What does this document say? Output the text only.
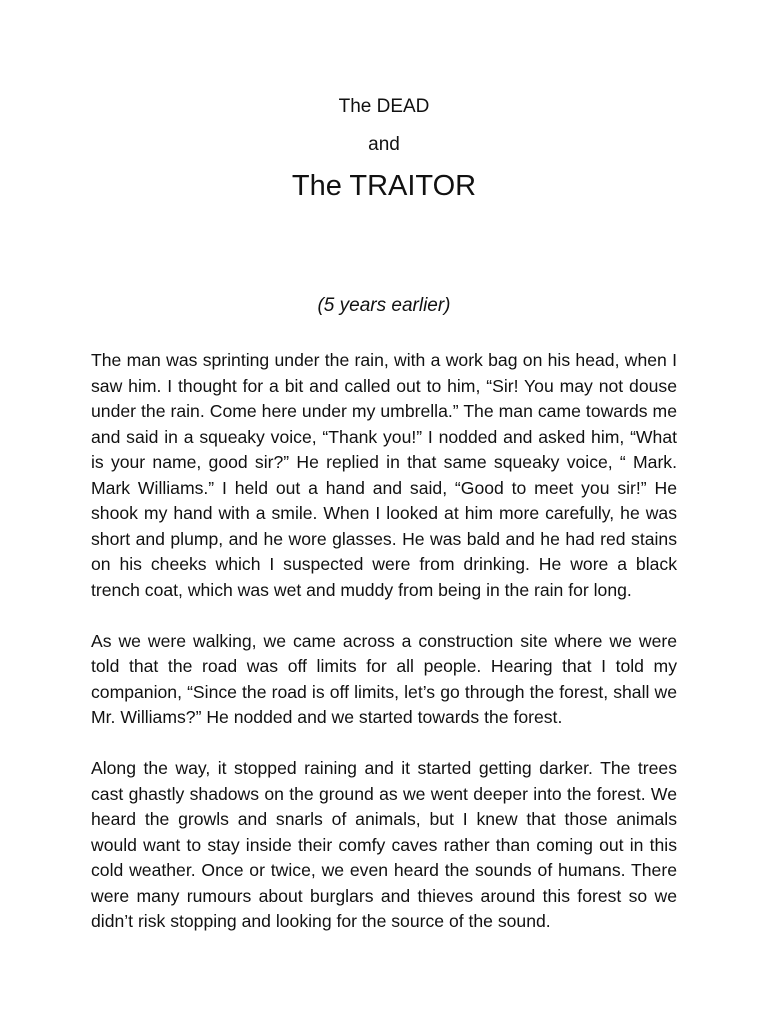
The DEAD
and
The TRAITOR

(5 years earlier)

The man was sprinting under the rain, with a work bag on his head, when I saw him. I thought for a bit and called out to him, “Sir! You may not douse under the rain. Come here under my umbrella.” The man came towards me and said in a squeaky voice, “Thank you!” I nodded and asked him, “What is your name, good sir?” He replied in that same squeaky voice, “ Mark. Mark Williams.” I held out a hand and said, “Good to meet you sir!” He shook my hand with a smile. When I looked at him more carefully, he was short and plump, and he wore glasses. He was bald and he had red stains on his cheeks which I suspected were from drinking. He wore a black trench coat, which was wet and muddy from being in the rain for long.

As we were walking, we came across a construction site where we were told that the road was off limits for all people. Hearing that I told my companion, “Since the road is off limits, let’s go through the forest, shall we Mr. Williams?” He nodded and we started towards the forest.

Along the way, it stopped raining and it started getting darker. The trees cast ghastly shadows on the ground as we went deeper into the forest. We heard the growls and snarls of animals, but I knew that those animals would want to stay inside their comfy caves rather than coming out in this cold weather. Once or twice, we even heard the sounds of humans. There were many rumours about burglars and thieves around this forest so we didn’t risk stopping and looking for the source of the sound.
